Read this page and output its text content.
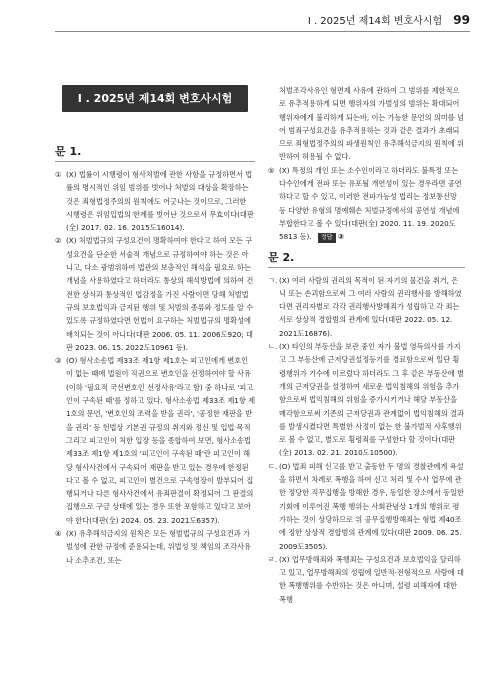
I . 2025년 제14회 변호사시험 99
I . 2025년 제14회 변호사시험
문 1.
① (X) 법률이 시행령이 형사처벌에 관한 사항을 규정하면서 법률의 명시적인 위임 범위를 벗어나 처벌의 대상을 확장하는 것은 죄형법정주의의 원칙에도 어긋나는 것이므로, 그러한 시행령은 위임입법의 한계를 벗어난 것으로서 무효이다(대판(全) 2017. 02. 16. 2015도16014).

② (X) 처벌법규의 구성요건이 명확하여야 한다고 하여 모든 구성요건을 단순한 서술적 개념으로 규정하여야 하는 것은 아니고, 다소 광범위하여 법관의 보충적인 해석을 필요로 하는 개념을 사용하였다고 하더라도 통상의 해석방법에 의하여 건전한 상식과 통상적인 법감정을 가진 사람이면 당해 처벌법규의 보호법익과 금지된 행위 및 처벌의 종류와 정도를 알 수 있도록 규정하였다면 헌법이 요구하는 처벌법규의 명확성에 배치되는 것이 아니다(대판 2006. 05. 11. 2006도920; 대판 2023. 06. 15. 2022도10961 등).

③ (O) 형사소송법 제33조 제1항 제1호는 피고인에게 변호인이 없는 때에 법원이 직권으로 변호인을 선정하여야 할 사유(이하 '필요적 국선변호인 선정사유'라고 함) 중 하나로 '피고인이 구속된 때'를 정하고 있다. 형사소송법 제33조 제1항 제1호의 문언, '변호인의 조력을 받을 권리', '공정한 재판을 받을 권리' 등 헌법상 기본권 규정의 취지와 정신 및 입법 목적 그리고 피고인이 처한 입장 등을 종합하여 보면, 형사소송법 제33조 제1항 제1호의 '피고인이 구속된 때'란 피고인이 해당 형사사건에서 구속되어 재판을 받고 있는 경우에 한정된다고 볼 수 없고, 피고인이 별건으로 구속영장이 발부되어 집행되거나 다른 형사사건에서 유죄판결이 확정되어 그 판결의 집행으로 구금 상태에 있는 경우 또한 포함하고 있다고 보아야 한다(대판(全) 2024. 05. 23. 2021도6357).

④ (X) 유추해석금지의 원칙은 모든 형벌법규의 구성요건과 가벌성에 관한 규정에 준용되는데, 위법성 및 책임의 조각사유나 소추조건, 또는

처벌조각사유인 형면제 사유에 관하여 그 범위를 제한적으로 유추적용하게 되면 행위자의 가벌성의 범위는 확대되어 행위자에게 불리하게 되는바, 이는 가능한 문언의 의미를 넘어 범죄구성요건을 유추적용하는 것과 같은 결과가 초래되므로 죄형법정주의의 파생원칙인 유추해석금지의 원칙에 위반하여 허용될 수 없다.

⑤ (X) 특정의 개인 또는 소수인이라고 하더라도 불특정 또는 다수인에게 전파 또는 유포될 개연성이 있는 경우라면 공연하다고 할 수 있고, 이러한 전파가능성 법리는 정보통신망 등 다양한 유형의 명예훼손 처벌규정에서의 공연성 개념에 부합한다고 볼 수 있다(대판(全) 2020. 11. 19. 2020도5813 등). 정답 ③

문 2.
ㄱ. (X) 여러 사람의 권리의 목적이 된 자기의 물건을 취거, 은닉 또는 손괴함으로써 그 여러 사람의 권리행사를 방해하였다면 권리자별로 각각 권리행사방해죄가 성립하고 각 죄는 서로 상상적 경합범의 관계에 있다(대판 2022. 05. 12. 2021도16876).

ㄴ. (X) 타인의 부동산을 보관 중인 자가 불법 영득의사를 가지고 그 부동산에 근저당권설정등기를 경료함으로써 일단 횡령행위가 기수에 이르렀다 하더라도 그 후 같은 부동산에 별개의 근저당권을 설정하여 새로운 법익침해의 위험을 추가함으로써 법익침해의 위험을 증가시키거나 해당 부동산을 매각함으로써 기존의 근저당권과 관계없이 법익침해의 결과를 발생시켰다면 특별한 사정이 없는 한 불가벌적 사후행위로 볼 수 없고, 별도로 횡령죄를 구성한다 할 것이다(대판(全) 2013. 02. 21. 2010도10500).

ㄷ. (O) 법죄 피해 신고를 받고 출동한 두 명의 경찰관에게 욕설을 하면서 차례로 폭행을 하여 신고 처리 및 수사 업무에 관한 정당한 직무집행을 방해한 경우, 동일한 장소에서 동일한 기회에 이루어진 폭행 행위는 사회관념상 1개의 행위로 평가하는 것이 상당하므로 위 공무집행방해죄는 형법 제40조에 정한 상상적 경합범의 관계에 있다(대판 2009. 06. 25. 2009도3505).

ㄹ. (X) 업무방해죄와 폭행죄는 구성요건과 보호법익을 달리하고 있고, 업무방해죄의 성립에 일반적·전형적으로 사람에 대한 폭행행위를 수반하는 것은 아니며, 설령 피해자에 대한 폭행
